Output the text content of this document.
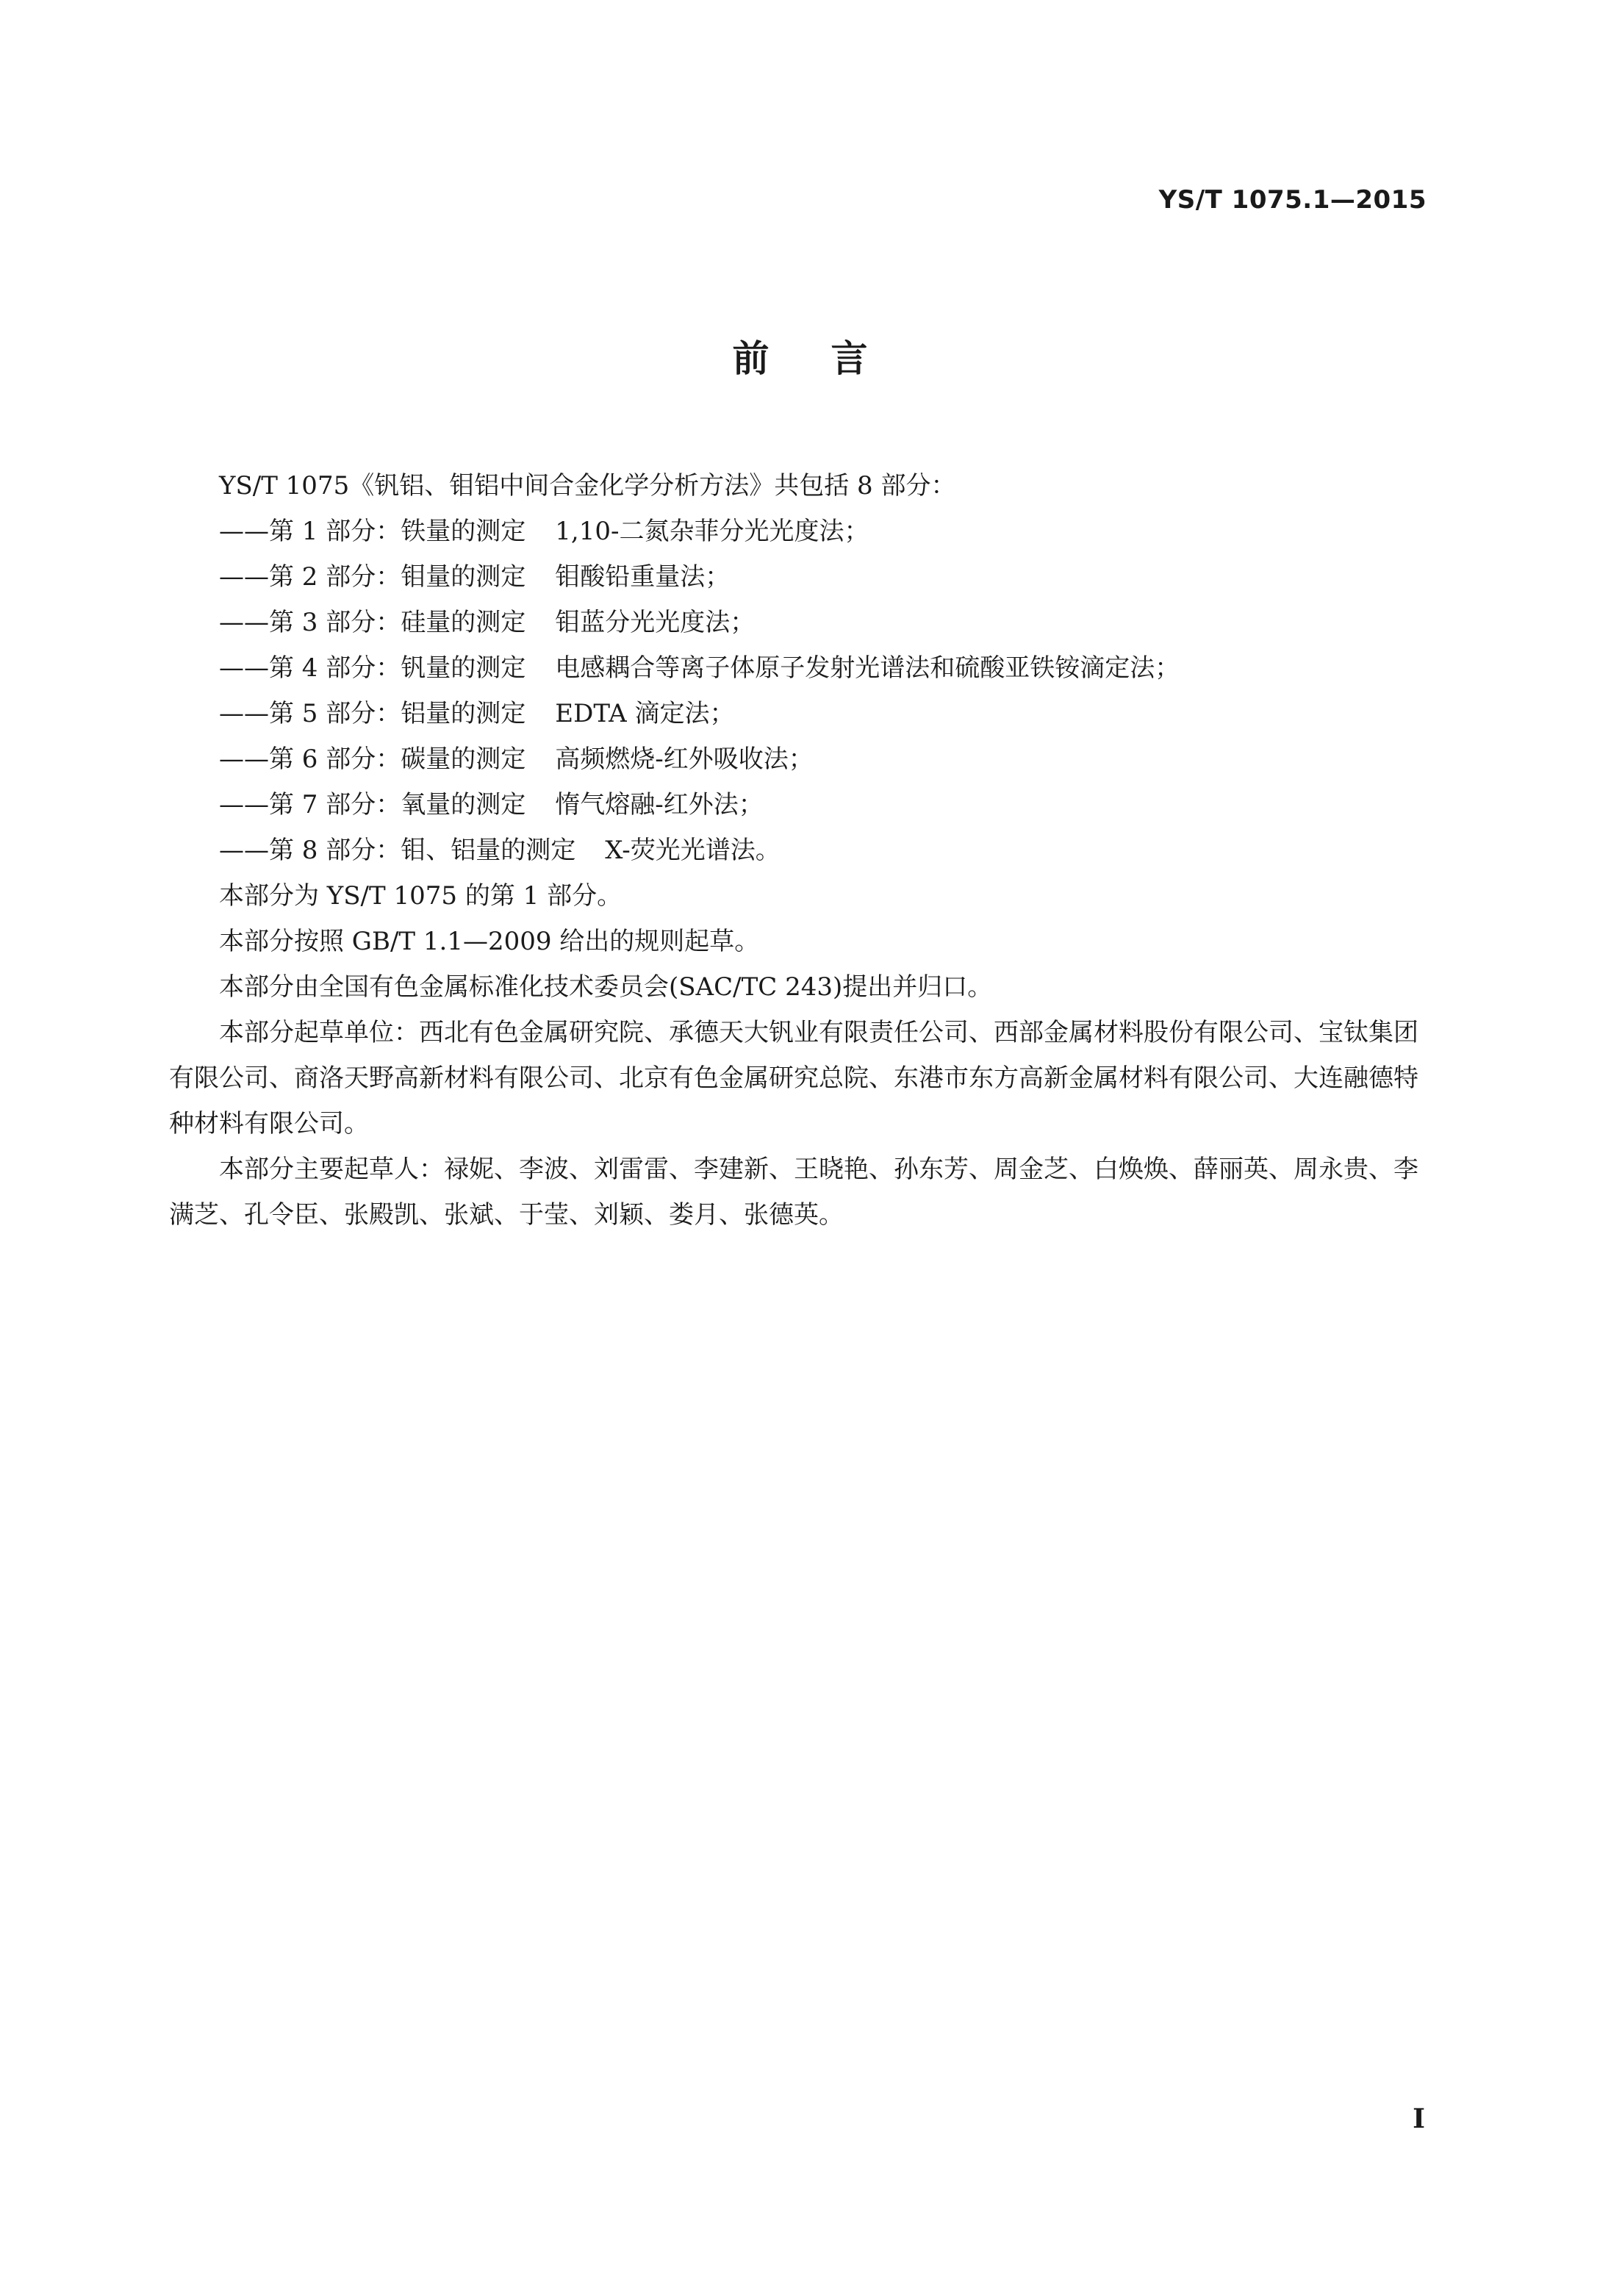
YS/T 1075.1—2015
前言

YS/T 1075《钒铝、钼铝中间合金化学分析方法》共包括 8 部分：

——第 1 部分：铁量的测定 1,10-二氮杂菲分光光度法；

——第 2 部分：钼量的测定 钼酸铅重量法；

——第 3 部分：硅量的测定 钼蓝分光光度法；

——第 4 部分：钒量的测定 电感耦合等离子体原子发射光谱法和硫酸亚铁铵滴定法；

——第 5 部分：铝量的测定 EDTA 滴定法；

——第 6 部分：碳量的测定 高频燃烧-红外吸收法；

——第 7 部分：氧量的测定 惰气熔融-红外法；

——第 8 部分：钼、铝量的测定 X-荧光光谱法。

本部分为 YS/T 1075 的第 1 部分。

本部分按照 GB/T 1.1—2009 给出的规则起草。

本部分由全国有色金属标准化技术委员会(SAC/TC 243)提出并归口。

本部分起草单位：西北有色金属研究院、承德天大钒业有限责任公司、西部金属材料股份有限公司、宝钛集团有限公司、商洛天野高新材料有限公司、北京有色金属研究总院、东港市东方高新金属材料有限公司、大连融德特种材料有限公司。

本部分主要起草人：禄妮、李波、刘雷雷、李建新、王晓艳、孙东芳、周金芝、白焕焕、薛丽英、周永贵、李满芝、孔令臣、张殿凯、张斌、于莹、刘颖、娄月、张德英。

I
